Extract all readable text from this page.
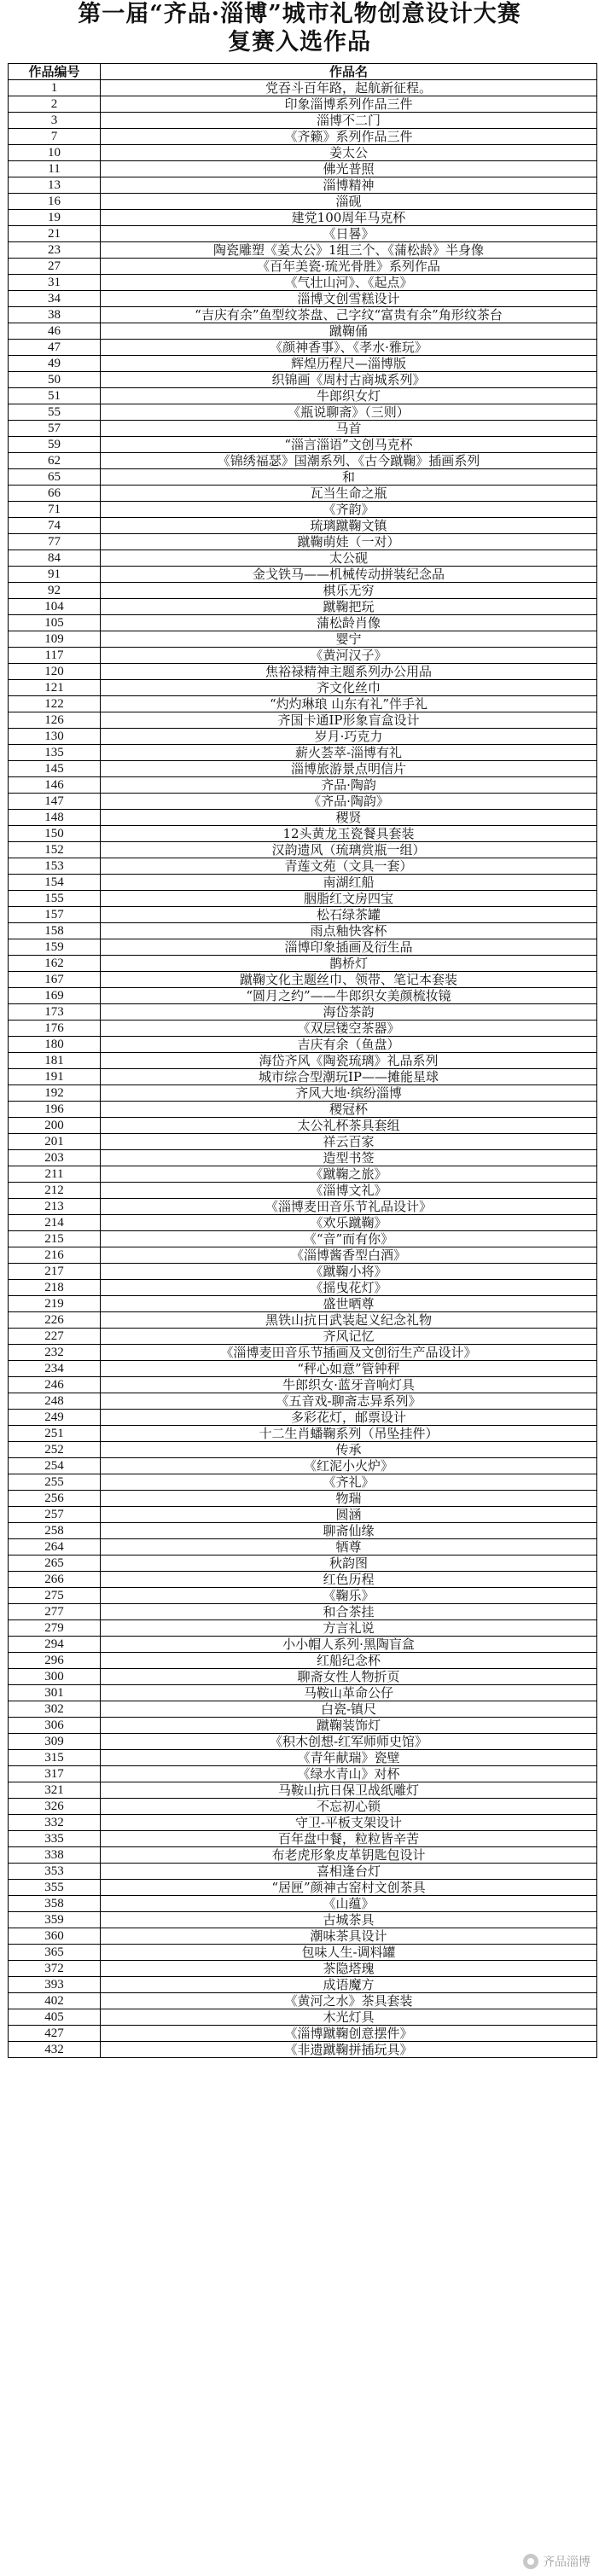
第一届“齐品·淄博”城市礼物创意设计大赛
复赛入选作品
作品编号	作品名
1	党吞斗百年路，起航新征程。
2	印象淄博系列作品三件
3	淄博不二门
7	《齐籁》系列作品三件
10	姜太公
11	佛光普照
13	淄博精神
16	淄砚
19	建党100周年马克杯
21	《日晷》
23	陶瓷雕塑《姜太公》1组三个、《蒲松龄》半身像
27	《百年美瓷·琉光骨胜》系列作品
31	《气壮山河》、《起点》
34	淄博文创雪糕设计
38	“吉庆有余”鱼型纹茶盘、己字纹“富贵有余”角形纹茶台
46	蹴鞠俑
47	《颜神香事》、《孝水·雅玩》
49	辉煌历程尺—淄博版
50	织锦画《周村古商城系列》
51	牛郎织女灯
55	《瓶说聊斋》（三则）
57	马首
59	“淄言淄语”文创马克杯
62	《锦绣福瑟》国潮系列、《古今蹴鞠》插画系列
65	和
66	瓦当生命之瓶
71	《齐韵》
74	琉璃蹴鞠文镇
77	蹴鞠萌娃（一对）
84	太公砚
91	金戈铁马——机械传动拼装纪念品
92	棋乐无穷
104	蹴鞠把玩
105	蒲松龄肖像
109	婴宁
117	《黄河汉子》
120	焦裕禄精神主题系列办公用品
121	齐文化丝巾
122	“灼灼琳琅 山东有礼”伴手礼
126	齐国卡通IP形象盲盒设计
130	岁月·巧克力
135	薪火荟萃-淄博有礼
145	淄博旅游景点明信片
146	齐品·陶韵
147	《齐品·陶韵》
148	稷贤
150	12头黄龙玉瓷餐具套装
152	汉韵遗风（琉璃赏瓶一组）
153	青莲文苑（文具一套）
154	南湖红船
155	胭脂红文房四宝
157	松石绿茶罐
158	雨点釉快客杯
159	淄博印象插画及衍生品
162	鹊桥灯
167	蹴鞠文化主题丝巾、领带、笔记本套装
169	“圆月之约”——牛郎织女美颜梳妆镜
173	海岱茶韵
176	《双层镂空茶器》
180	吉庆有余（鱼盘）
181	海岱齐风《陶瓷琉璃》礼品系列
191	城市综合型潮玩IP——摊能星球
192	齐风大地·缤纷淄博
196	稷冠杯
200	太公礼杯茶具套组
201	祥云百家
203	造型书签
211	《蹴鞠之旅》
212	《淄博文礼》
213	《淄博麦田音乐节礼品设计》
214	《欢乐蹴鞠》
215	《“音”而有你》
216	《淄博酱香型白酒》
217	《蹴鞠小将》
218	《摇曳花灯》
219	盛世晒尊
226	黑铁山抗日武装起义纪念礼物
227	齐风记忆
232	《淄博麦田音乐节插画及文创衍生产品设计》
234	“秤心如意”管钟秤
246	牛郎织女·蓝牙音响灯具
248	《五音戏-聊斋志异系列》
249	多彩花灯，邮票设计
251	十二生肖蟠鞠系列（吊坠挂件）
252	传承
254	《红泥小火炉》
255	《齐礼》
256	物瑞
257	圆涵
258	聊斋仙缘
264	牺尊
265	秋韵图
266	红色历程
275	《鞠乐》
277	和合茶挂
279	方言礼说
294	小小帽人系列·黑陶盲盒
296	红船纪念杯
300	聊斋女性人物折页
301	马鞍山革命公仔
302	白瓷-镇尺
306	蹴鞠装饰灯
309	《积木创想-红军师师史馆》
315	《青年献瑞》瓷壁
317	《绿水青山》对杯
321	马鞍山抗日保卫战纸雕灯
326	不忘初心锁
332	守卫-平板支架设计
335	百年盘中餐，粒粒皆辛苦
338	布老虎形象皮革钥匙包设计
353	喜相逢台灯
355	“居匣”颜神古窑村文创茶具
358	《山蕴》
359	古城茶具
360	潮味茶具设计
365	包味人生-调料罐
372	茶隐塔瑰
393	成语魔方
402	《黄河之水》茶具套装
405	木光灯具
427	《淄博蹴鞠创意摆件》
432	《非遗蹴鞠拼插玩具》
齐品淄博
